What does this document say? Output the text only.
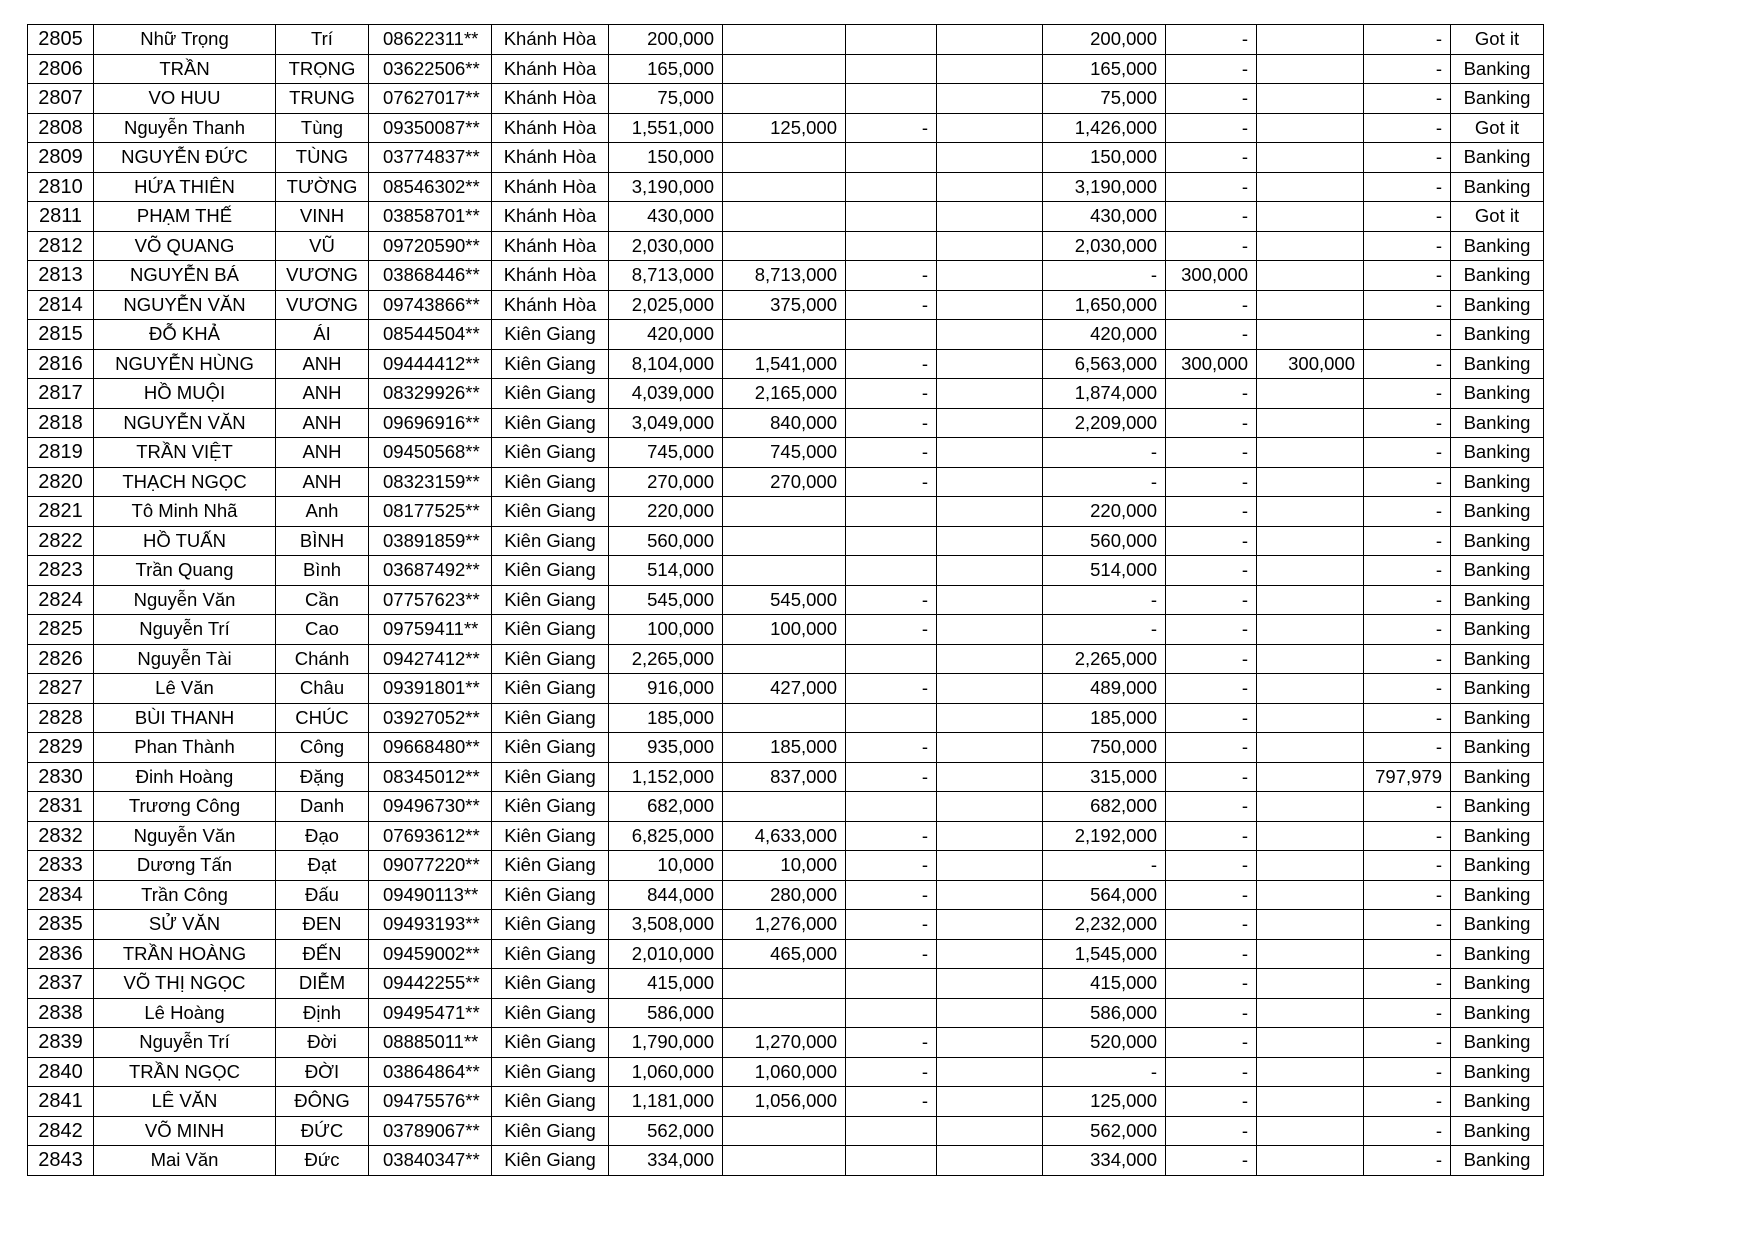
2805	Nhữ Trọng	Trí	08622311**	Khánh Hòa	200,000				200,000	-		-	Got it
2806	TRẦN	TRỌNG	03622506**	Khánh Hòa	165,000				165,000	-		-	Banking
2807	VO HUU	TRUNG	07627017**	Khánh Hòa	75,000				75,000	-		-	Banking
2808	Nguyễn Thanh	Tùng	09350087**	Khánh Hòa	1,551,000	125,000	-		1,426,000	-		-	Got it
2809	NGUYỄN ĐỨC	TÙNG	03774837**	Khánh Hòa	150,000				150,000	-		-	Banking
2810	HỨA THIÊN	TƯỜNG	08546302**	Khánh Hòa	3,190,000				3,190,000	-		-	Banking
2811	PHẠM THẾ	VINH	03858701**	Khánh Hòa	430,000				430,000	-		-	Got it
2812	VÕ QUANG	VŨ	09720590**	Khánh Hòa	2,030,000				2,030,000	-		-	Banking
2813	NGUYỄN BÁ	VƯƠNG	03868446**	Khánh Hòa	8,713,000	8,713,000	-		-	300,000		-	Banking
2814	NGUYỄN VĂN	VƯƠNG	09743866**	Khánh Hòa	2,025,000	375,000	-		1,650,000	-		-	Banking
2815	ĐỖ KHẢ	ÁI	08544504**	Kiên Giang	420,000				420,000	-		-	Banking
2816	NGUYỄN HÙNG	ANH	09444412**	Kiên Giang	8,104,000	1,541,000	-		6,563,000	300,000	300,000	-	Banking
2817	HỒ MUỘI	ANH	08329926**	Kiên Giang	4,039,000	2,165,000	-		1,874,000	-		-	Banking
2818	NGUYỄN VĂN	ANH	09696916**	Kiên Giang	3,049,000	840,000	-		2,209,000	-		-	Banking
2819	TRẦN VIỆT	ANH	09450568**	Kiên Giang	745,000	745,000	-		-	-		-	Banking
2820	THẠCH NGỌC	ANH	08323159**	Kiên Giang	270,000	270,000	-		-	-		-	Banking
2821	Tô Minh Nhã	Anh	08177525**	Kiên Giang	220,000				220,000	-		-	Banking
2822	HỒ TUẤN	BÌNH	03891859**	Kiên Giang	560,000				560,000	-		-	Banking
2823	Trần Quang	Bình	03687492**	Kiên Giang	514,000				514,000	-		-	Banking
2824	Nguyễn Văn	Cần	07757623**	Kiên Giang	545,000	545,000	-		-	-		-	Banking
2825	Nguyễn Trí	Cao	09759411**	Kiên Giang	100,000	100,000	-		-	-		-	Banking
2826	Nguyễn Tài	Chánh	09427412**	Kiên Giang	2,265,000				2,265,000	-		-	Banking
2827	Lê Văn	Châu	09391801**	Kiên Giang	916,000	427,000	-		489,000	-		-	Banking
2828	BÙI THANH	CHÚC	03927052**	Kiên Giang	185,000				185,000	-		-	Banking
2829	Phan Thành	Công	09668480**	Kiên Giang	935,000	185,000	-		750,000	-		-	Banking
2830	Đinh Hoàng	Đặng	08345012**	Kiên Giang	1,152,000	837,000	-		315,000	-		797,979	Banking
2831	Trương Công	Danh	09496730**	Kiên Giang	682,000				682,000	-		-	Banking
2832	Nguyễn Văn	Đạo	07693612**	Kiên Giang	6,825,000	4,633,000	-		2,192,000	-		-	Banking
2833	Dương Tấn	Đạt	09077220**	Kiên Giang	10,000	10,000	-		-	-		-	Banking
2834	Trần Công	Đấu	09490113**	Kiên Giang	844,000	280,000	-		564,000	-		-	Banking
2835	SỬ VĂN	ĐEN	09493193**	Kiên Giang	3,508,000	1,276,000	-		2,232,000	-		-	Banking
2836	TRẦN HOÀNG	ĐẾN	09459002**	Kiên Giang	2,010,000	465,000	-		1,545,000	-		-	Banking
2837	VÕ THỊ NGỌC	DIỄM	09442255**	Kiên Giang	415,000				415,000	-		-	Banking
2838	Lê Hoàng	Định	09495471**	Kiên Giang	586,000				586,000	-		-	Banking
2839	Nguyễn Trí	Đời	08885011**	Kiên Giang	1,790,000	1,270,000	-		520,000	-		-	Banking
2840	TRẦN NGỌC	ĐỜI	03864864**	Kiên Giang	1,060,000	1,060,000	-		-	-		-	Banking
2841	LÊ VĂN	ĐÔNG	09475576**	Kiên Giang	1,181,000	1,056,000	-		125,000	-		-	Banking
2842	VÕ MINH	ĐỨC	03789067**	Kiên Giang	562,000				562,000	-		-	Banking
2843	Mai Văn	Đức	03840347**	Kiên Giang	334,000				334,000	-		-	Banking
